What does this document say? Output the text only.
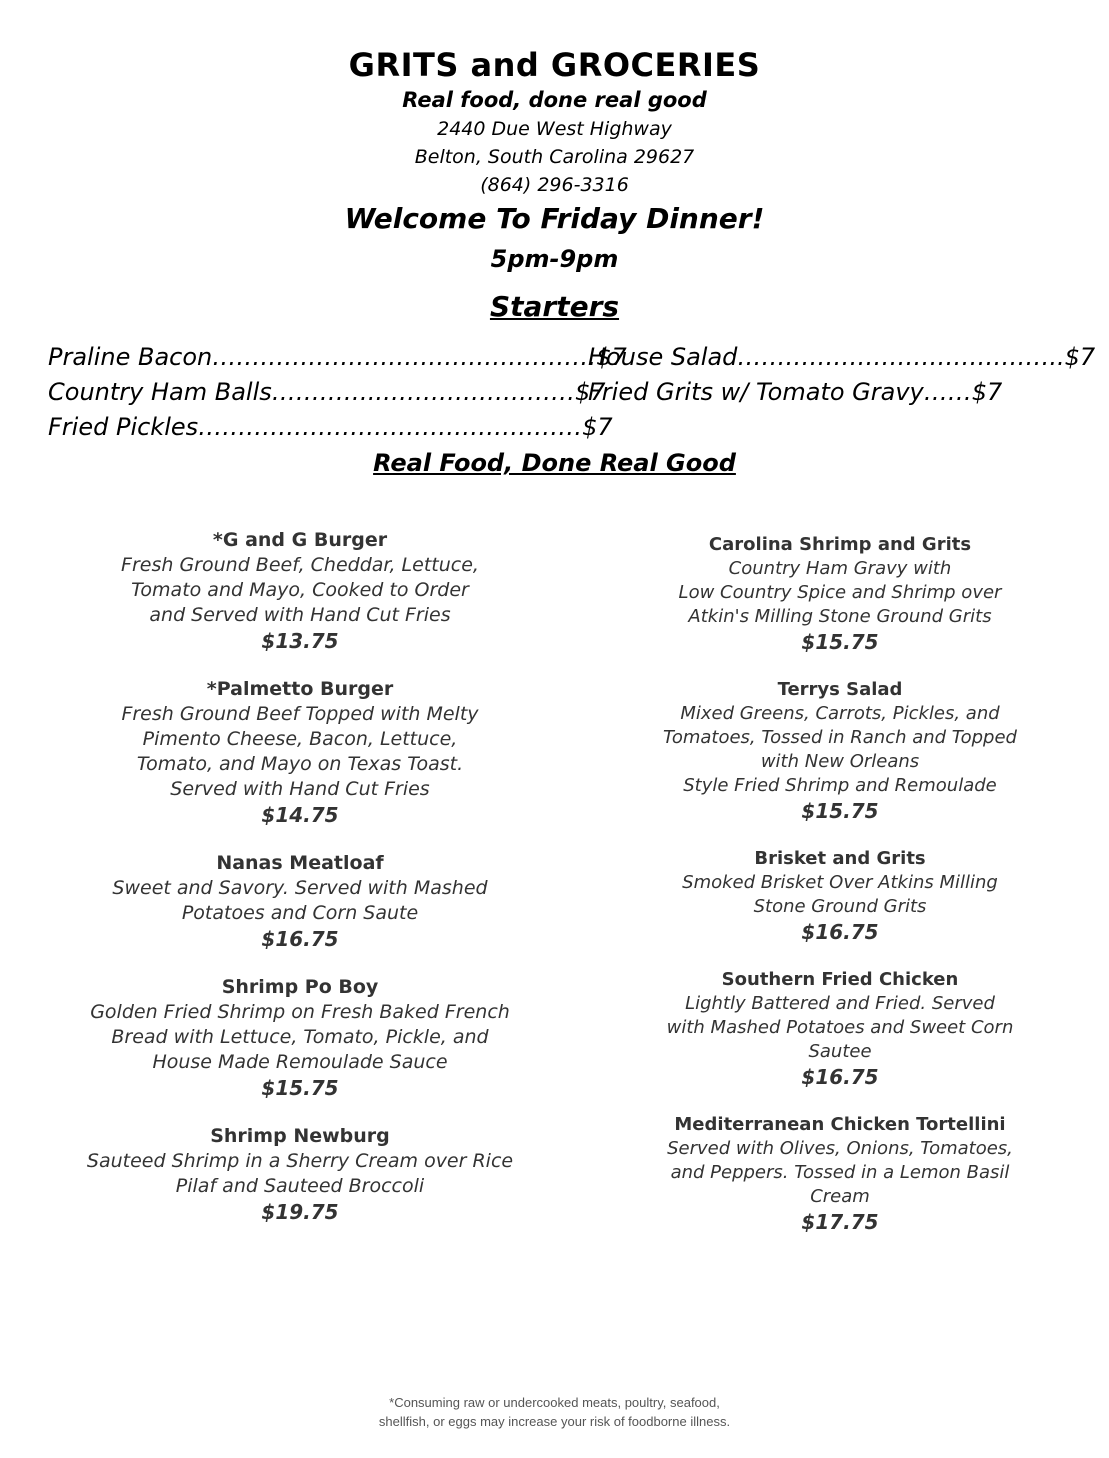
GRITS and GROCERIES
Real food, done real good
2440 Due West Highway
Belton, South Carolina 29627
(864) 296-3316
Welcome To Friday Dinner!
5pm-9pm
Starters
Praline Bacon…………………………………………$7
Country Ham Balls…………..……………………$7
Fried Pickles…………………………………………$7
House Salad…………………………………..$7
Fried Grits w/ Tomato Gravy……$7
Real Food, Done Real Good
*G and G Burger
Fresh Ground Beef, Cheddar, Lettuce,
Tomato and Mayo, Cooked to Order
and Served with Hand Cut Fries
$13.75
*Palmetto Burger
Fresh Ground Beef Topped with Melty
Pimento Cheese, Bacon, Lettuce,
Tomato, and Mayo on Texas Toast.
Served with Hand Cut Fries
$14.75
Nanas Meatloaf
Sweet and Savory. Served with Mashed
Potatoes and Corn Saute
$16.75
Shrimp Po Boy
Golden Fried Shrimp on Fresh Baked French
Bread with Lettuce, Tomato, Pickle, and
House Made Remoulade Sauce
$15.75
Shrimp Newburg
Sauteed Shrimp in a Sherry Cream over Rice
Pilaf and Sauteed Broccoli
$19.75
Carolina Shrimp and Grits
Country Ham Gravy with
Low Country Spice and Shrimp over
Atkin's Milling Stone Ground Grits
$15.75
Terrys Salad
Mixed Greens, Carrots, Pickles, and
Tomatoes, Tossed in Ranch and Topped
with New Orleans
Style Fried Shrimp and Remoulade
$15.75
Brisket and Grits
Smoked Brisket Over Atkins Milling
Stone Ground Grits
$16.75
Southern Fried Chicken
Lightly Battered and Fried. Served
with Mashed Potatoes and Sweet Corn
Sautee
$16.75
Mediterranean Chicken Tortellini
Served with Olives, Onions, Tomatoes,
and Peppers. Tossed in a Lemon Basil
Cream
$17.75
*Consuming raw or undercooked meats, poultry, seafood,
shellfish, or eggs may increase your risk of foodborne illness.
